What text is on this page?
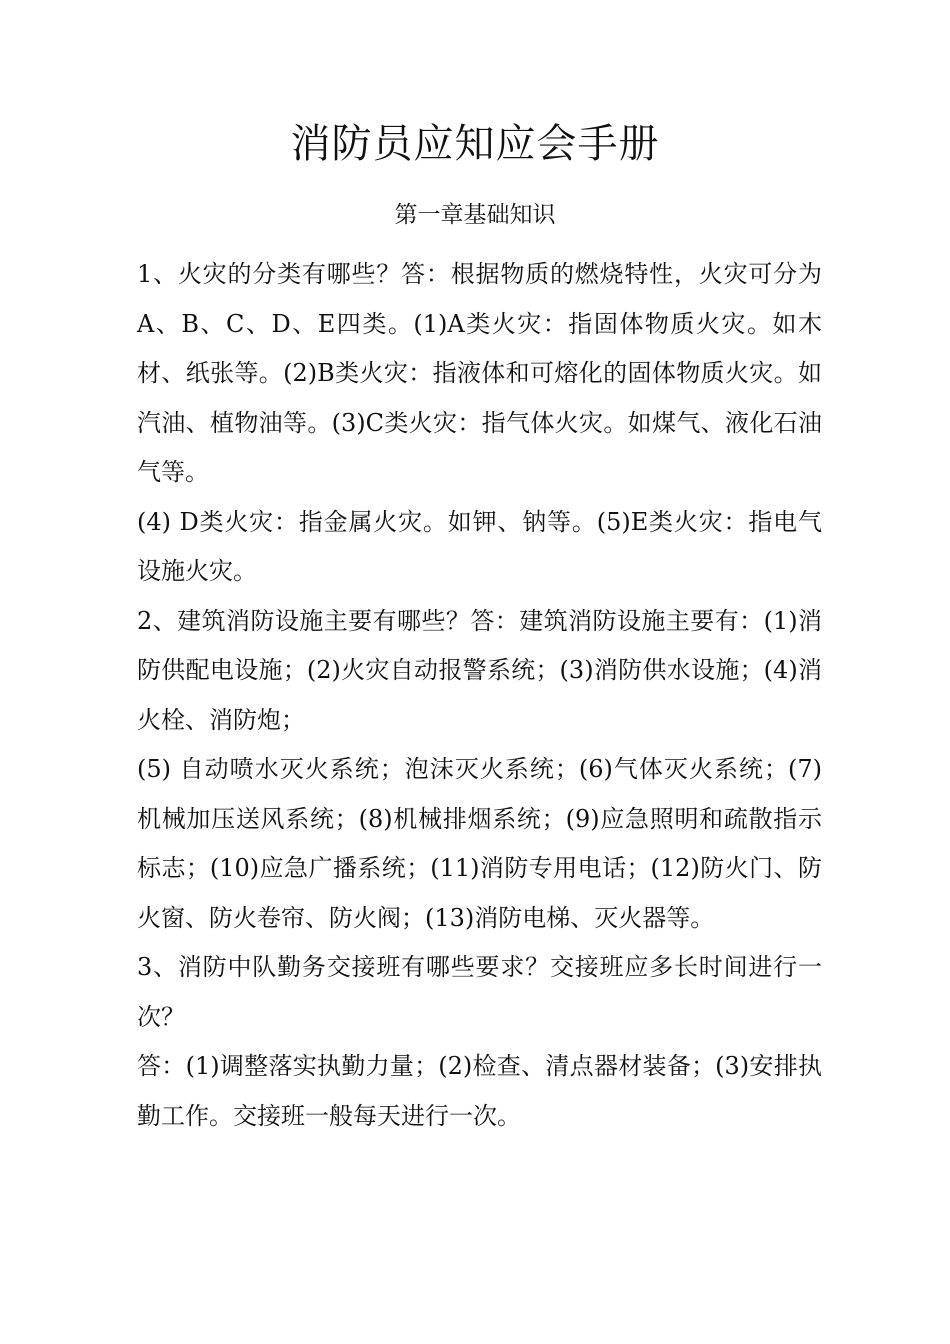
消防员应知应会手册
第一章基础知识

1、火灾的分类有哪些？答：根据物质的燃烧特性，火灾可分为A、B、C、D、E四类。(1)A类火灾：指固体物质火灾。如木材、纸张等。(2)B类火灾：指液体和可熔化的固体物质火灾。如汽油、植物油等。(3)C类火灾：指气体火灾。如煤气、液化石油气等。

(4) D类火灾：指金属火灾。如钾、钠等。(5)E类火灾：指电气设施火灾。

2、建筑消防设施主要有哪些？答：建筑消防设施主要有：(1)消防供配电设施；(2)火灾自动报警系统；(3)消防供水设施；(4)消火栓、消防炮；

(5) 自动喷水灭火系统；泡沫灭火系统；(6)气体灭火系统；(7)机械加压送风系统；(8)机械排烟系统；(9)应急照明和疏散指示标志；(10)应急广播系统；(11)消防专用电话；(12)防火门、防火窗、防火卷帘、防火阀；(13)消防电梯、灭火器等。

3、消防中队勤务交接班有哪些要求？交接班应多长时间进行一次？

答：(1)调整落实执勤力量；(2)检查、清点器材装备；(3)安排执勤工作。交接班一般每天进行一次。
